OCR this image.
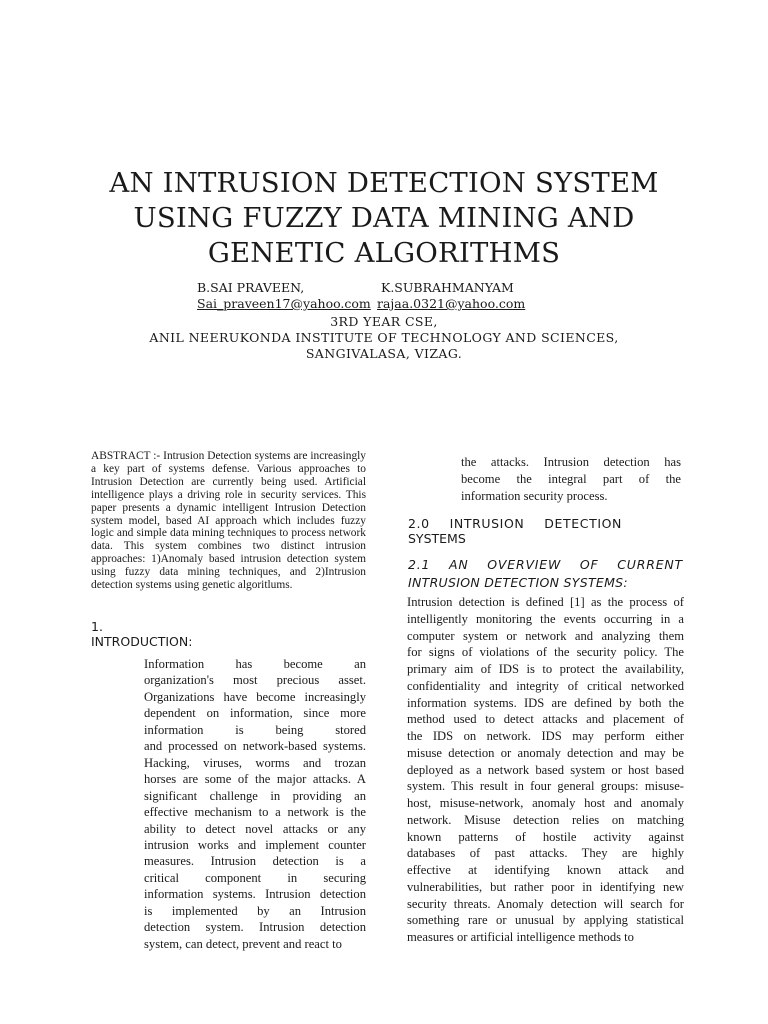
AN INTRUSION DETECTION SYSTEM
USING FUZZY DATA MINING AND
GENETIC ALGORITHMS
B.SAI PRAVEEN,	K.SUBRAHMANYAM
Sai_praveen17@yahoo.com rajaa.0321@yahoo.com
3RD YEAR CSE,
ANIL NEERUKONDA INSTITUTE OF TECHNOLOGY AND SCIENCES,
SANGIVALASA, VIZAG.
ABSTRACT :- Intrusion Detection systems are increasingly a key part of systems defense. Various approaches to Intrusion Detection are currently being used. Artificial intelligence plays a driving role in security services. This paper presents a dynamic intelligent Intrusion Detection system model, based AI approach which includes fuzzy logic and simple data mining techniques to process network data. This system combines two distinct intrusion approaches: 1)Anomaly based intrusion detection system using fuzzy data mining techniques, and 2)Intrusion detection systems using genetic algoritlums.
1.
INTRODUCTION:
Information has become an
organization's most precious asset.
Organizations have become increasingly
dependent on information, since more
information is being stored
and processed on network-based systems.
Hacking, viruses, worms and trozan
horses are some of the major attacks. A
significant challenge in providing an
effective mechanism to a network is the
ability to detect novel attacks or any
intrusion works and implement counter
measures. Intrusion detection is a
critical component in securing
information systems. Intrusion detection
is implemented by an Intrusion
detection system. Intrusion detection
system, can detect, prevent and react to
the attacks. Intrusion detection has
become the integral part of the
information security process.
2.0 INTRUSION DETECTION
SYSTEMS
2.1 AN OVERVIEW OF CURRENT
INTRUSION DETECTION SYSTEMS:
Intrusion detection is defined [1] as the process of
intelligently monitoring the events occurring in a
computer system or network and analyzing them
for signs of violations of the security policy. The
primary aim of IDS is to protect the availability,
confidentiality and integrity of critical networked
information systems. IDS are defined by both the
method used to detect attacks and placement of
the IDS on network. IDS may perform either
misuse detection or anomaly detection and may be
deployed as a network based system or host based
system. This result in four general groups: misuse-
host, misuse-network, anomaly host and anomaly
network. Misuse detection relies on matching
known patterns of hostile activity against
databases of past attacks. They are highly
effective at identifying known attack and
vulnerabilities, but rather poor in identifying new
security threats. Anomaly detection will search for
something rare or unusual by applying statistical
measures or artificial intelligence methods to
